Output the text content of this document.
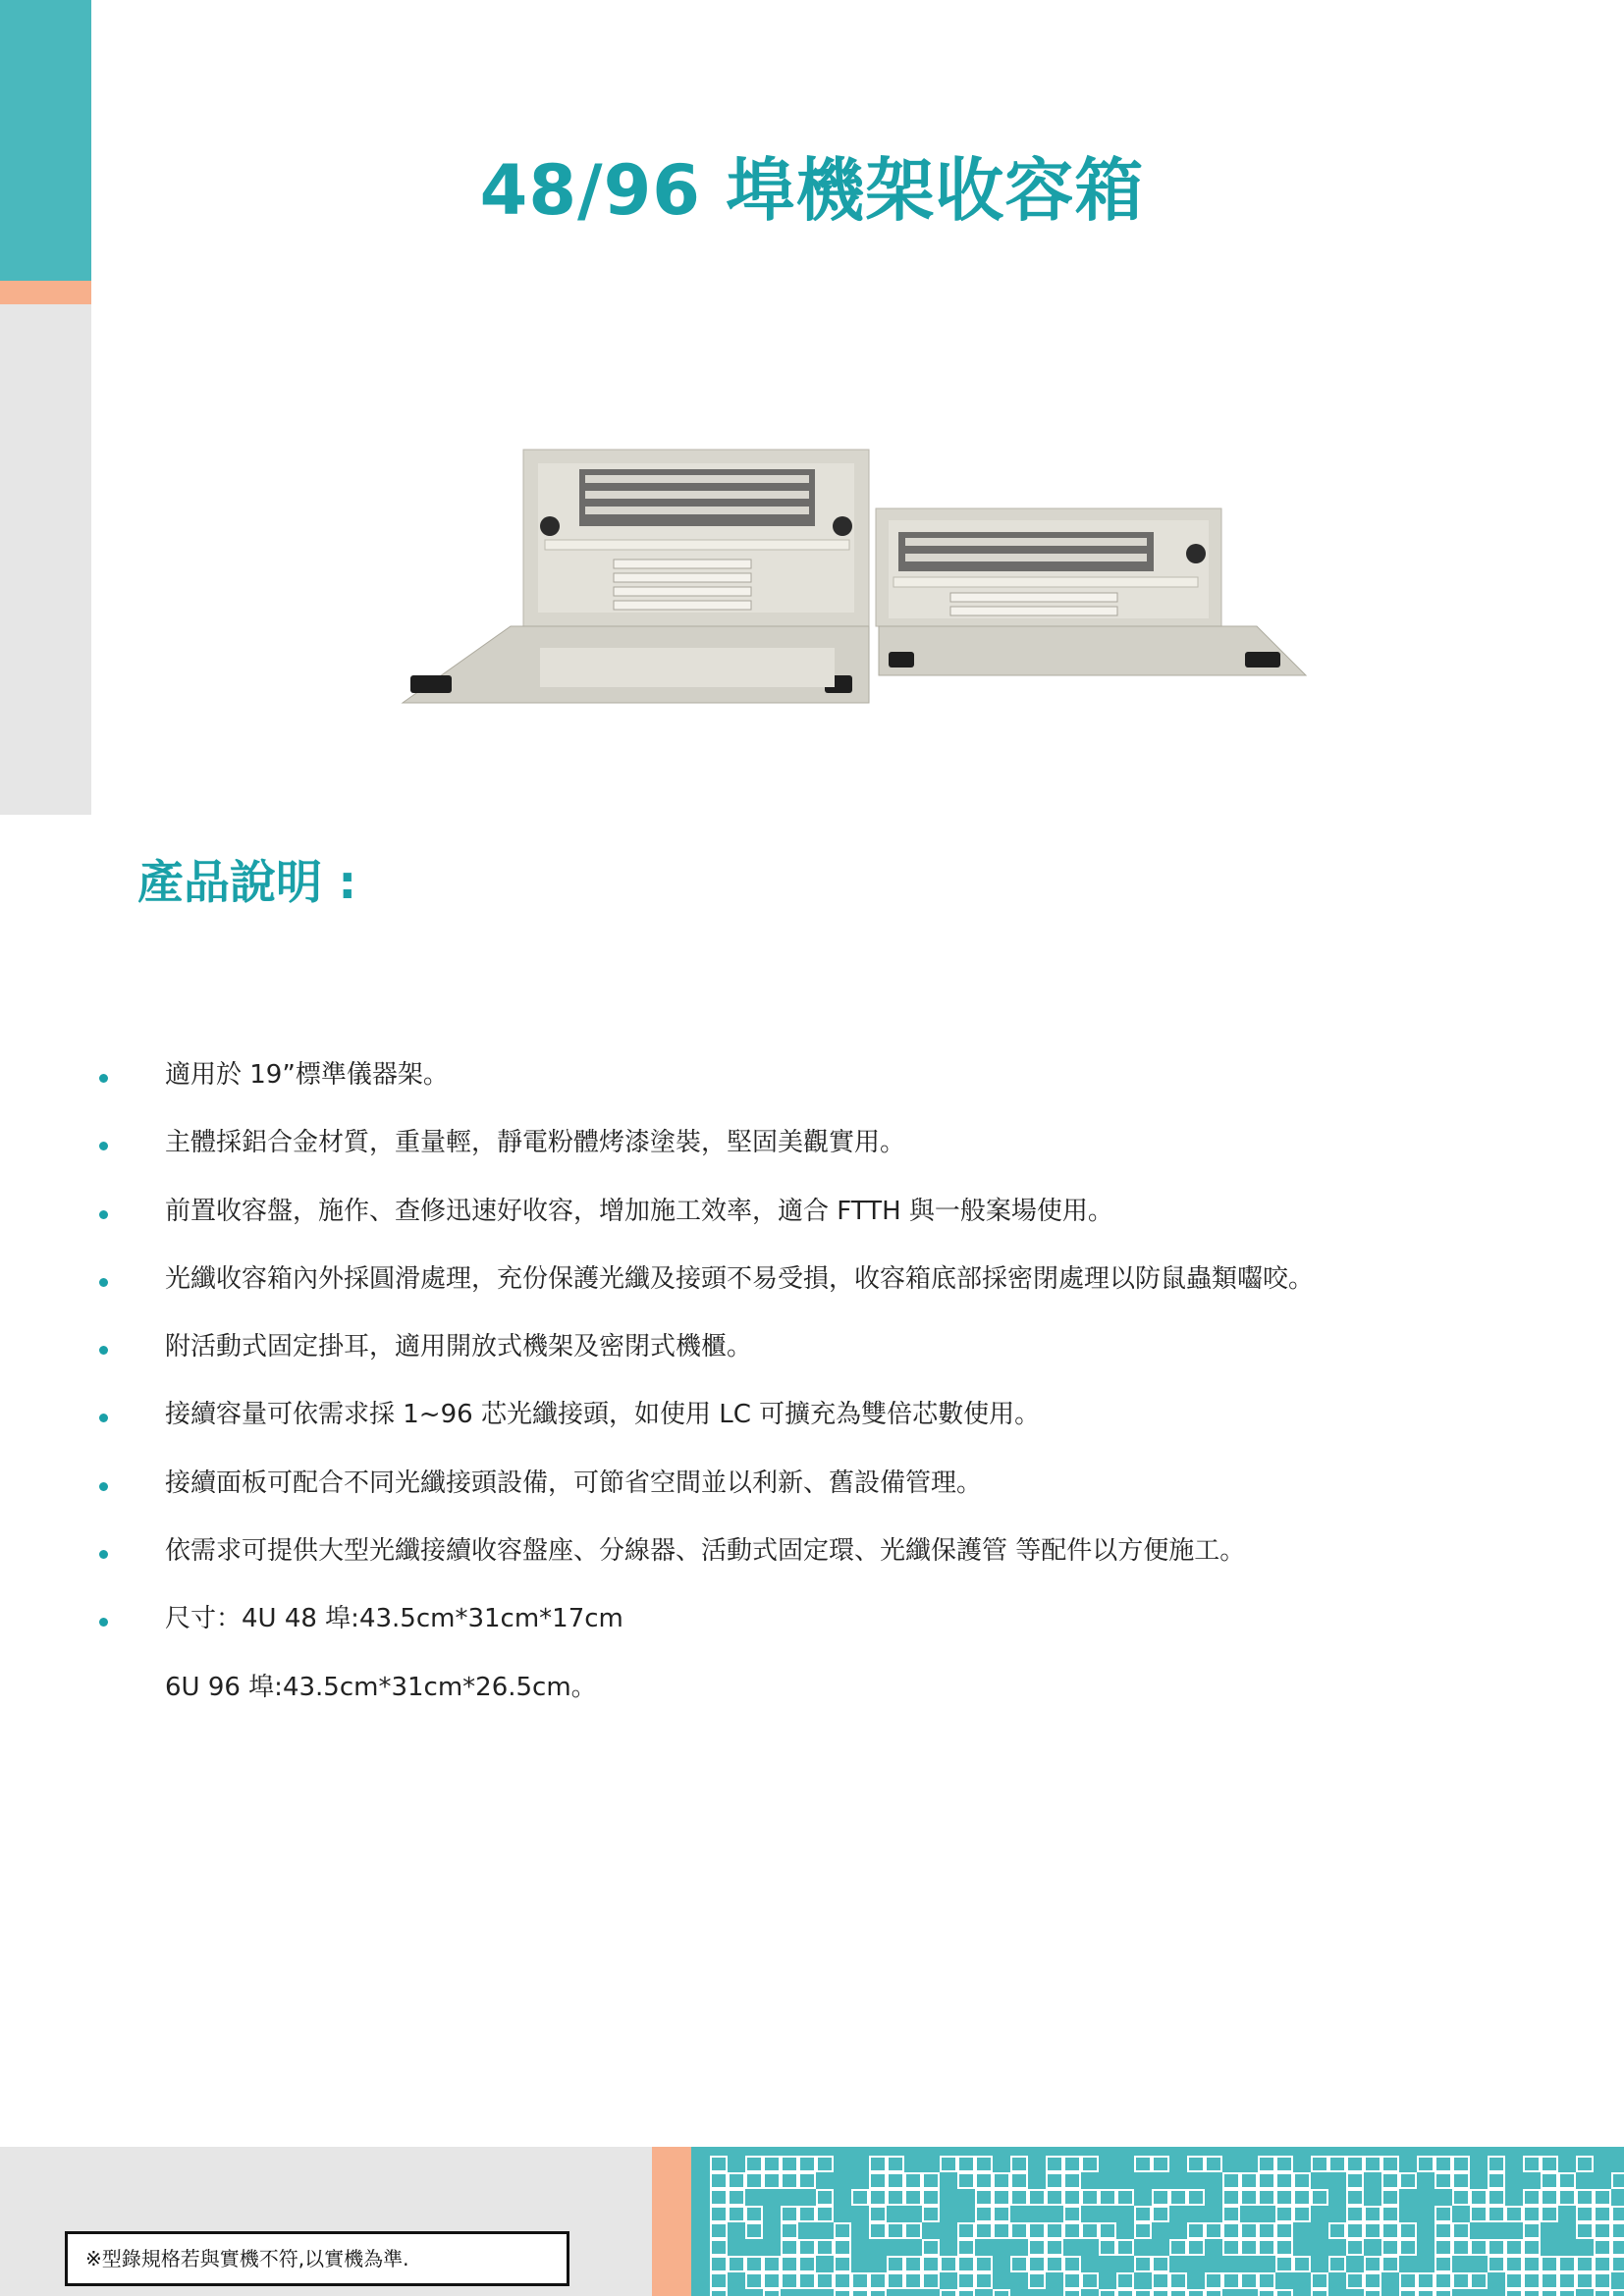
48/96 埠機架收容箱
產品說明 :
適用於 19”標準儀器架。
主體採鋁合金材質，重量輕，靜電粉體烤漆塗裝，堅固美觀實用。
前置收容盤，施作、查修迅速好收容，增加施工效率，適合 FTTH 與一般案場使用。
光纖收容箱內外採圓滑處理，充份保護光纖及接頭不易受損，收容箱底部採密閉處理以防鼠蟲類囓咬。
附活動式固定掛耳，適用開放式機架及密閉式機櫃。
接續容量可依需求採 1~96 芯光纖接頭，如使用 LC 可擴充為雙倍芯數使用。
接續面板可配合不同光纖接頭設備，可節省空間並以利新、舊設備管理。
依需求可提供大型光纖接續收容盤座、分線器、活動式固定環、光纖保護管 等配件以方便施工。
尺寸：4U 48 埠:43.5cm*31cm*17cm
6U 96 埠:43.5cm*31cm*26.5cm。
※型錄規格若與實機不符,以實機為準.
